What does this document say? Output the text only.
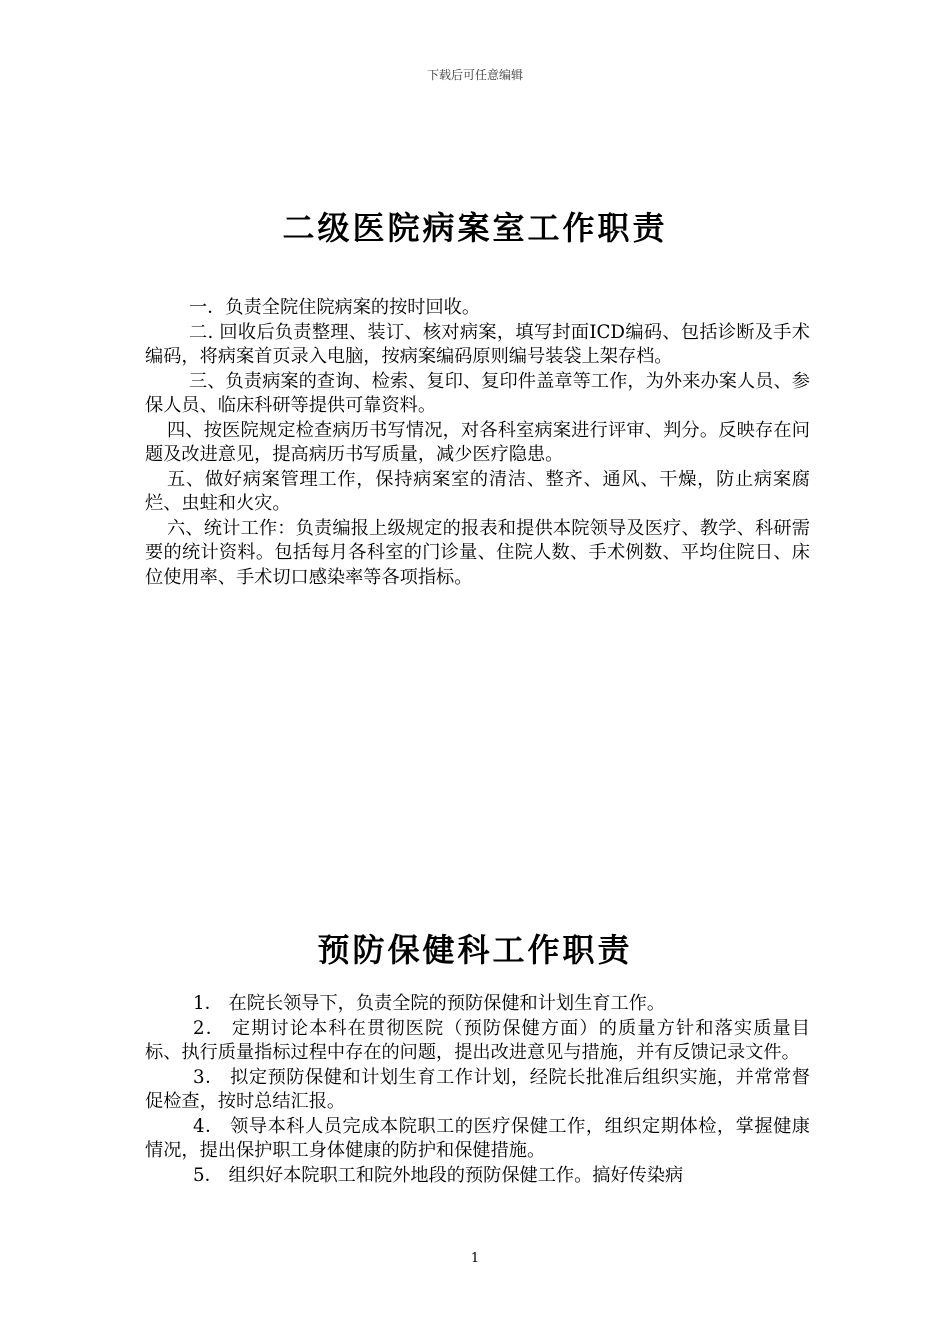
下载后可任意编辑
二级医院病案室工作职责

一．负责全院住院病案的按时回收。

二. 回收后负责整理、装订、核对病案，填写封面ICD编码、包括诊断及手术编码，将病案首页录入电脑，按病案编码原则编号装袋上架存档。

三、负责病案的查询、检索、复印、复印件盖章等工作，为外来办案人员、参保人员、临床科研等提供可靠资料。

四、按医院规定检查病历书写情况，对各科室病案进行评审、判分。反映存在问题及改进意见，提高病历书写质量，减少医疗隐患。

五、做好病案管理工作，保持病案室的清洁、整齐、通风、干燥，防止病案腐烂、虫蛀和火灾。

六、统计工作：负责编报上级规定的报表和提供本院领导及医疗、教学、科研需要的统计资料。包括每月各科室的门诊量、住院人数、手术例数、平均住院日、床位使用率、手术切口感染率等各项指标。

预防保健科工作职责

1． 在院长领导下，负责全院的预防保健和计划生育工作。

2． 定期讨论本科在贯彻医院（预防保健方面）的质量方针和落实质量目标、执行质量指标过程中存在的问题，提出改进意见与措施，并有反馈记录文件。

3． 拟定预防保健和计划生育工作计划，经院长批准后组织实施，并常常督促检查，按时总结汇报。

4． 领导本科人员完成本院职工的医疗保健工作，组织定期体检，掌握健康情况，提出保护职工身体健康的防护和保健措施。

5． 组织好本院职工和院外地段的预防保健工作。搞好传染病

1
